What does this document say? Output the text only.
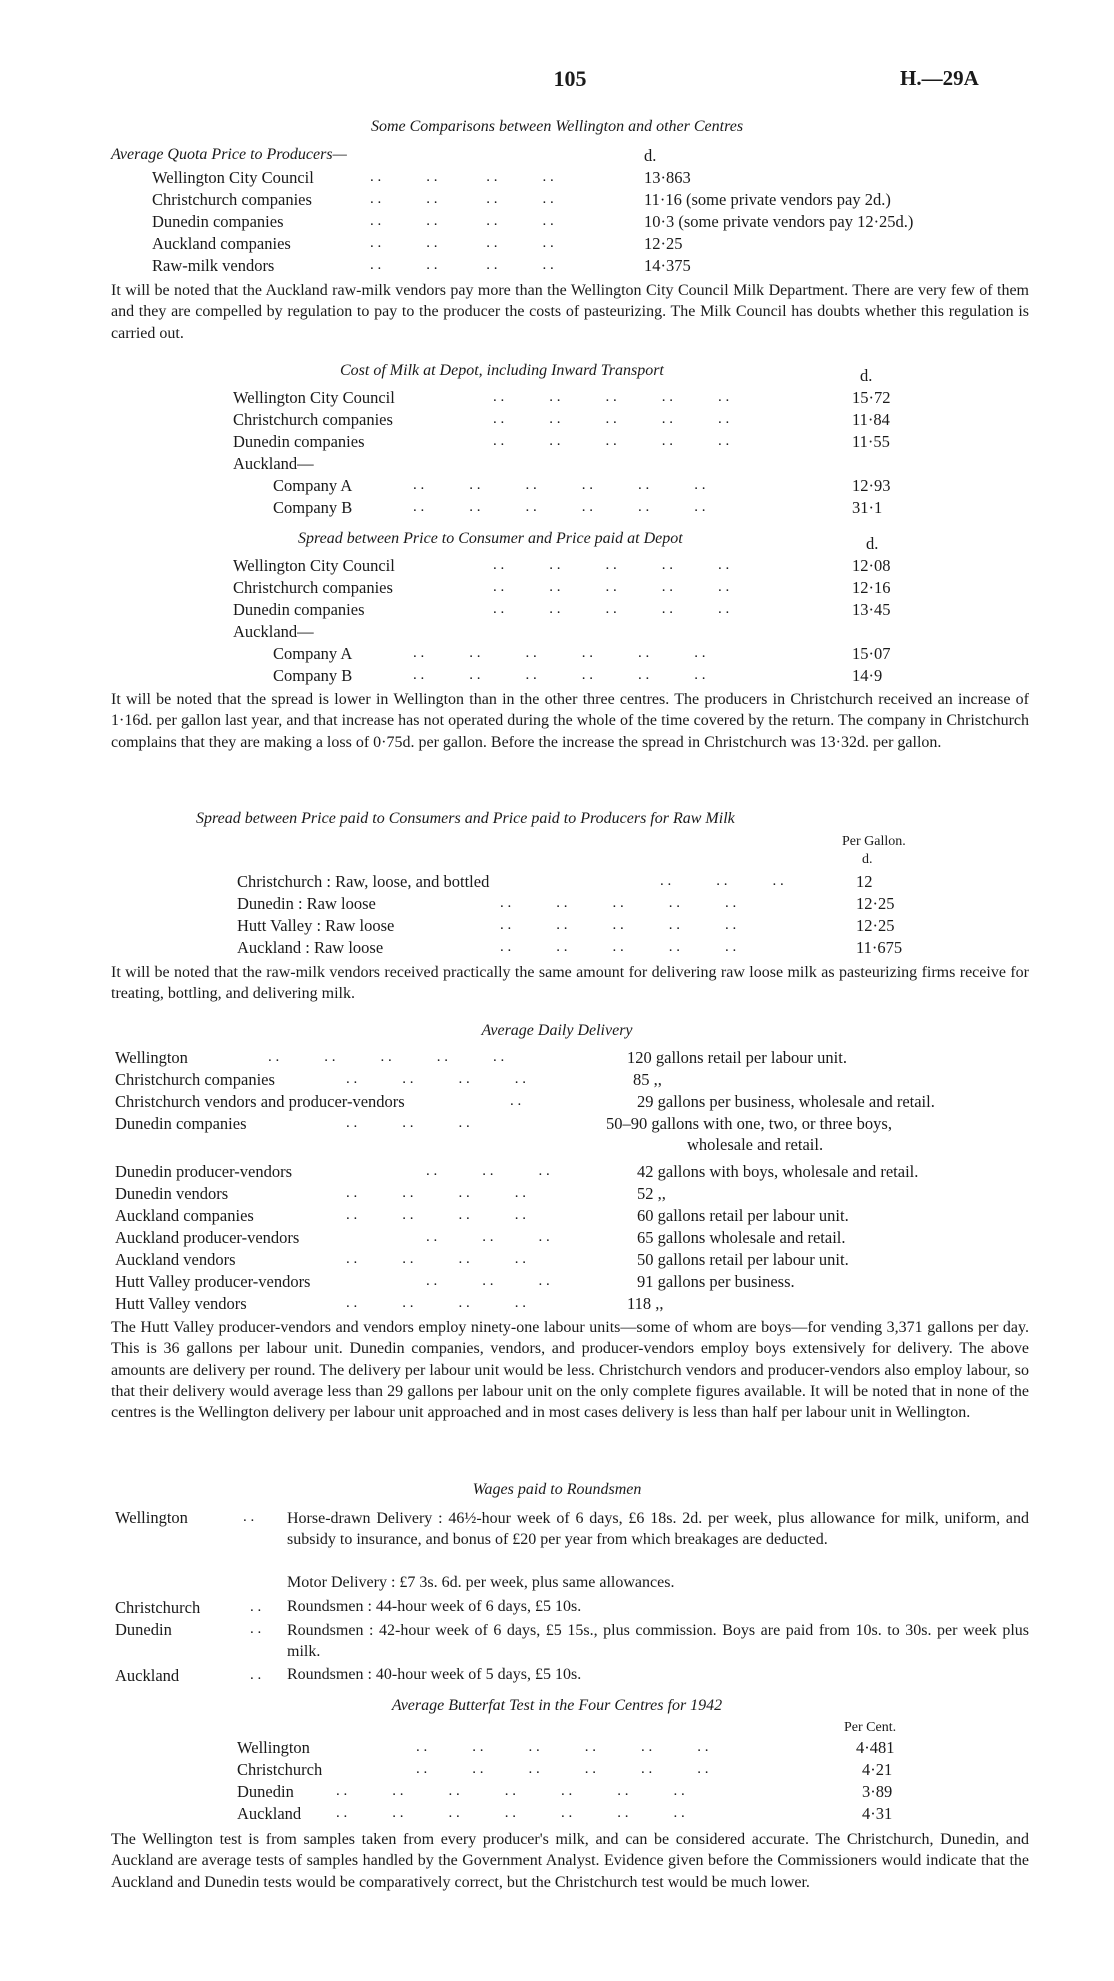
105	H.—29A
Some Comparisons between Wellington and other Centres
Average Quota Price to Producers—	d.
Wellington City Council	. .            . .             . .            . .	13·863
Christchurch companies	. .            . .             . .            . .	11·16 (some private vendors pay 2d.)
Dunedin companies	. .            . .             . .            . .	10·3 (some private vendors pay 12·25d.)
Auckland companies	. .            . .             . .            . .	12·25
Raw-milk vendors	. .            . .             . .            . .	14·375
It will be noted that the Auckland raw-milk vendors pay more than the Wellington City Council Milk Department. There are very few of them and they are compelled by regulation to pay to the producer the costs of pasteurizing. The Milk Council has doubts whether this regulation is carried out.
Cost of Milk at Depot, including Inward Transport	d.
Wellington City Council	. .            . .            . .            . .            . .	15·72
Christchurch companies	. .            . .            . .            . .            . .	11·84
Dunedin companies	. .            . .            . .            . .            . .	11·55
Auckland—
Company A	. .            . .            . .            . .            . .            . .	12·93
Company B	. .            . .            . .            . .            . .            . .	31·1
Spread between Price to Consumer and Price paid at Depot	d.
Wellington City Council	. .            . .            . .            . .            . .	12·08
Christchurch companies	. .            . .            . .            . .            . .	12·16
Dunedin companies	. .            . .            . .            . .            . .	13·45
Auckland—
Company A	. .            . .            . .            . .            . .            . .	15·07
Company B	. .            . .            . .            . .            . .            . .	14·9
It will be noted that the spread is lower in Wellington than in the other three centres. The producers in Christchurch received an increase of 1·16d. per gallon last year, and that increase has not operated during the whole of the time covered by the return. The company in Christchurch complains that they are making a loss of 0·75d. per gallon. Before the increase the spread in Christchurch was 13·32d. per gallon.
Spread between Price paid to Consumers and Price paid to Producers for Raw Milk
Per Gallon.
d.
Christchurch : Raw, loose, and bottled	. .            . .            . .	12
Dunedin : Raw loose	. .            . .            . .            . .            . .	12·25
Hutt Valley : Raw loose	. .            . .            . .            . .            . .	12·25
Auckland : Raw loose	. .            . .            . .            . .            . .	11·675
It will be noted that the raw-milk vendors received practically the same amount for delivering raw loose milk as pasteurizing firms receive for treating, bottling, and delivering milk.
Average Daily Delivery
Wellington	. .            . .            . .            . .            . .	120 gallons retail per labour unit.
Christchurch companies	. .            . .            . .            . .	85 ,,
Christchurch vendors and producer-vendors	. .	29 gallons per business, wholesale and retail.
Dunedin companies	. .            . .            . .	50–90 gallons with one, two, or three boys,
wholesale and retail.
Dunedin producer-vendors	. .            . .            . .	42 gallons with boys, wholesale and retail.
Dunedin vendors	. .            . .            . .            . .	52 ,,
Auckland companies	. .            . .            . .            . .	60 gallons retail per labour unit.
Auckland producer-vendors	. .            . .            . .	65 gallons wholesale and retail.
Auckland vendors	. .            . .            . .            . .	50 gallons retail per labour unit.
Hutt Valley producer-vendors	. .            . .            . .	91 gallons per business.
Hutt Valley vendors	. .            . .            . .            . .	118 ,,
The Hutt Valley producer-vendors and vendors employ ninety-one labour units—some of whom are boys—for vending 3,371 gallons per day. This is 36 gallons per labour unit. Dunedin companies, vendors, and producer-vendors employ boys extensively for delivery. The above amounts are delivery per round. The delivery per labour unit would be less. Christchurch vendors and producer-vendors also employ labour, so that their delivery would average less than 29 gallons per labour unit on the only complete figures available. It will be noted that in none of the centres is the Wellington delivery per labour unit approached and in most cases delivery is less than half per labour unit in Wellington.
Wages paid to Roundsmen
Wellington	. . Horse-drawn Delivery : 46½-hour week of 6 days, £6 18s. 2d. per week, plus allowance for milk, uniform, and subsidy to insurance, and bonus of £20 per year from which breakages are deducted.
Motor Delivery : £7 3s. 6d. per week, plus same allowances.
Christchurch	. . Roundsmen : 44-hour week of 6 days, £5 10s.
Dunedin	. . Roundsmen : 42-hour week of 6 days, £5 15s., plus commission. Boys are paid from 10s. to 30s. per week plus milk.
Auckland	. . Roundsmen : 40-hour week of 5 days, £5 10s.
Average Butterfat Test in the Four Centres for 1942
Per Cent.
Wellington	. .            . .            . .            . .            . .            . .	4·481
Christchurch	. .            . .            . .            . .            . .            . .	4·21
Dunedin	. .            . .            . .            . .            . .            . .            . .	3·89
Auckland . .            . .            . .            . .            . .            . .            . .	4·31
The Wellington test is from samples taken from every producer's milk, and can be considered accurate. The Christchurch, Dunedin, and Auckland are average tests of samples handled by the Government Analyst. Evidence given before the Commissioners would indicate that the Auckland and Dunedin tests would be comparatively correct, but the Christchurch test would be much lower.
